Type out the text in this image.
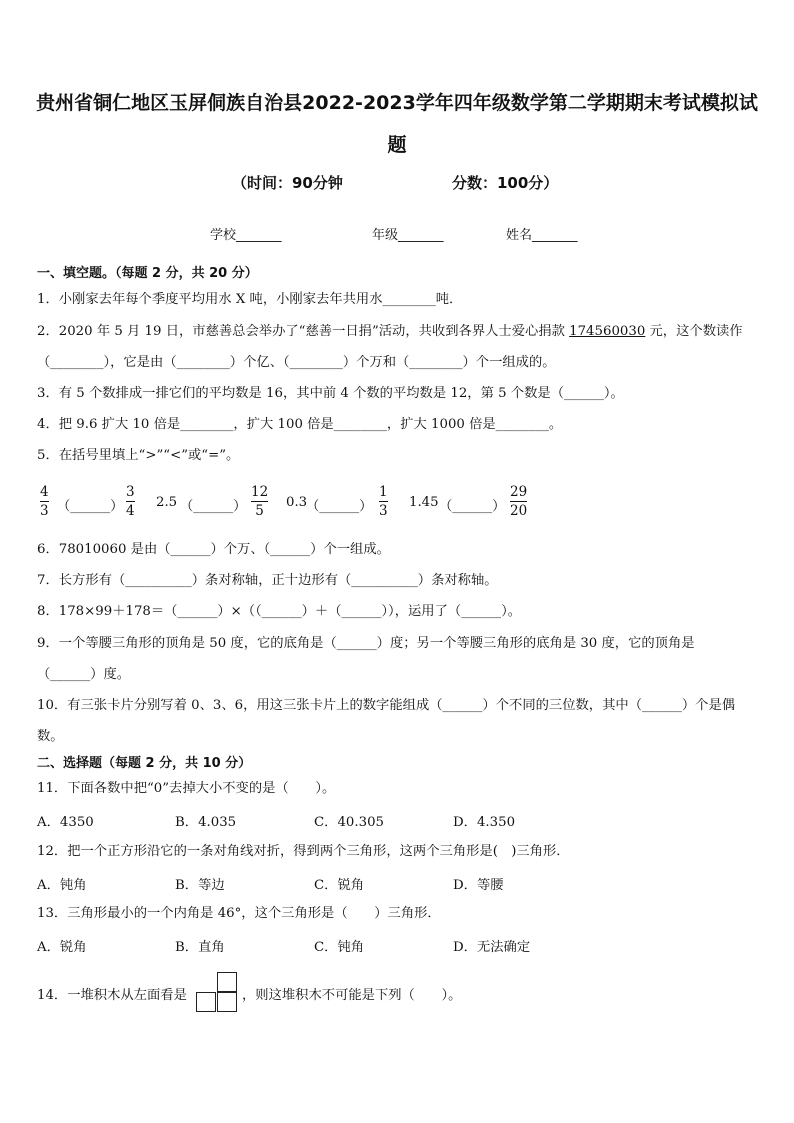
贵州省铜仁地区玉屏侗族自治县2022-2023学年四年级数学第二学期期末考试模拟试
题
（时间：90分钟	分数：100分）
学校_______	年级_______	姓名_______
一、填空题。（每题 2 分，共 20 分）
1．小刚家去年每个季度平均用水 X 吨，小刚家去年共用水________吨．
2．2020 年 5 月 19 日，市慈善总会举办了“慈善一日捐”活动，共收到各界人士爱心捐款 174560030 元，这个数读作
（________），它是由（________）个亿、（________）个万和（________）个一组成的。
3．有 5 个数排成一排它们的平均数是 16，其中前 4 个数的平均数是 12，第 5 个数是（______）。
4．把 9.6 扩大 10 倍是________，扩大 100 倍是________，扩大 1000 倍是________。
5．在括号里填上“>”“<”或“=”。
4
3 （______）
3
4
2.5 （______）
12
5
0.3
（______）
1
3
1.45 （______）
29
20
6．78010060 是由（______）个万、（______）个一组成。
7．长方形有（__________）条对称轴，正十边形有（__________）条对称轴。
8．178×99＋178＝（______）×（（______）＋（______）），运用了（______）。
9．一个等腰三角形的顶角是 50 度，它的底角是（______）度；另一个等腰三角形的底角是 30 度，它的顶角是
（______）度。
10．有三张卡片分别写着 0、3、6，用这三张卡片上的数字能组成（______）个不同的三位数，其中（______）个是偶
数。
二、选择题（每题 2 分，共 10 分）
11．下面各数中把“0”去掉大小不变的是（　　）。
A．4350	B．4.035	C．40.305	D．4.350
12．把一个正方形沿它的一条对角线对折，得到两个三角形，这两个三角形是(　)三角形．
A．钝角	B．等边	C．锐角	D．等腰
13．三角形最小的一个内角是 46°，这个三角形是（　　）三角形．
A．锐角	B．直角	C．钝角	D．无法确定
14．一堆积木从左面看是	，则这堆积木不可能是下列（　　）。
